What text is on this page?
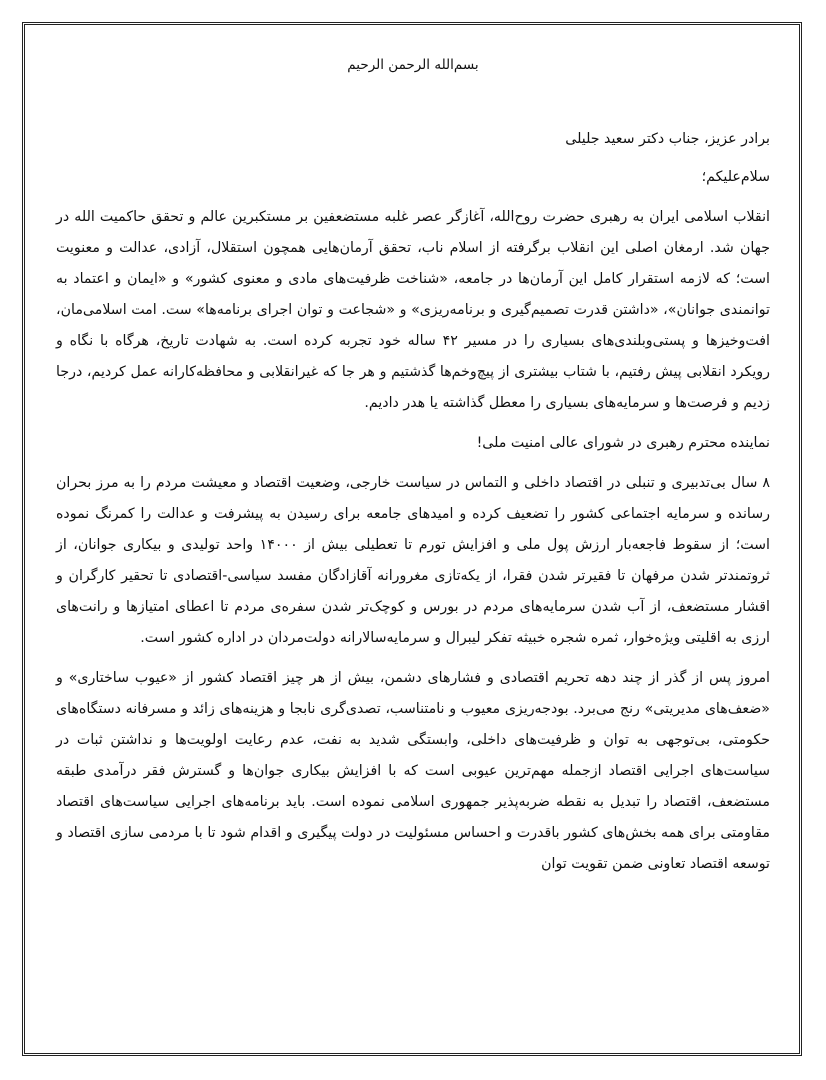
بسم‌الله الرحمن الرحیم
برادر عزیز، جناب دکتر سعید جلیلی
سلام‌علیکم؛

انقلاب اسلامی ایران به رهبری حضرت روح‌الله، آغازگر عصر غلبه مستضعفین بر مستکبرین عالم و تحقق حاکمیت الله در جهان شد. ارمغان اصلی این انقلاب برگرفته از اسلام ناب، تحقق آرمان‌هایی همچون استقلال، آزادی، عدالت و معنویت است؛ که لازمه استقرار کامل این آرمان‌ها در جامعه، «شناخت ظرفیت‌های مادی و معنوی کشور» و «ایمان و اعتماد به توانمندی جوانان»، «داشتن قدرت تصمیم‌گیری و برنامه‌ریزی» و «شجاعت و توان اجرای برنامه‌ها» ست. امت اسلامی‌مان، افت‌وخیزها و پستی‌وبلندی‌های بسیاری را در مسیر ۴۲ ساله خود تجربه کرده است. به شهادت تاریخ، هرگاه با نگاه و رویکرد انقلابی پیش رفتیم، با شتاب بیشتری از پیچ‌وخم‌ها گذشتیم و هر جا که غیرانقلابی و محافظه‌کارانه عمل کردیم، درجا زدیم و فرصت‌ها و سرمایه‌های بسیاری را معطل گذاشته یا هدر دادیم.

نماینده محترم رهبری در شورای عالی امنیت ملی!

۸ سال بی‌تدبیری و تنبلی در اقتصاد داخلی و التماس در سیاست خارجی، وضعیت اقتصاد و معیشت مردم را به مرز بحران رسانده و سرمایه اجتماعی کشور را تضعیف کرده و امیدهای جامعه برای رسیدن به پیشرفت و عدالت را کمرنگ نموده است؛ از سقوط فاجعه‌بار ارزش پول ملی و افزایش تورم تا تعطیلی بیش از ۱۴۰۰۰ واحد تولیدی و بیکاری جوانان، از ثروتمندتر شدن مرفهان تا فقیرتر شدن فقرا، از یکه‌تازی مغرورانه آقازادگان مفسد سیاسی-اقتصادی تا تحقیر کارگران و اقشار مستضعف، از آب شدن سرمایه‌های مردم در بورس و کوچک‌تر شدن سفره‌ی مردم تا اعطای امتیازها و رانت‌های ارزی به اقلیتی ویژه‌خوار، ثمره شجره خبیثه تفکر لیبرال و سرمایه‌سالارانه دولت‌مردان در اداره کشور است.

امروز پس از گذر از چند دهه تحریم اقتصادی و فشارهای دشمن، بیش از هر چیز اقتصاد کشور از «عیوب ساختاری» و «ضعف‌های مدیریتی» رنج می‌برد. بودجه‌ریزی معیوب و نامتناسب، تصدی‌گری نابجا و هزینه‌های زائد و مسرفانه دستگاه‌های حکومتی، بی‌توجهی به توان و ظرفیت‌های داخلی، وابستگی شدید به نفت، عدم رعایت اولویت‌ها و نداشتن ثبات در سیاست‌های اجرایی اقتصاد ازجمله مهم‌ترین عیوبی است که با افزایش بیکاری جوان‌ها و گسترش فقر درآمدی طبقه مستضعف، اقتصاد را تبدیل به نقطه ضربه‌پذیر جمهوری اسلامی نموده است. باید برنامه‌های اجرایی سیاست‌های اقتصاد مقاومتی برای همه بخش‌های کشور باقدرت و احساس مسئولیت در دولت پیگیری و اقدام شود تا با مردمی سازی اقتصاد و توسعه اقتصاد تعاونی ضمن تقویت توان
